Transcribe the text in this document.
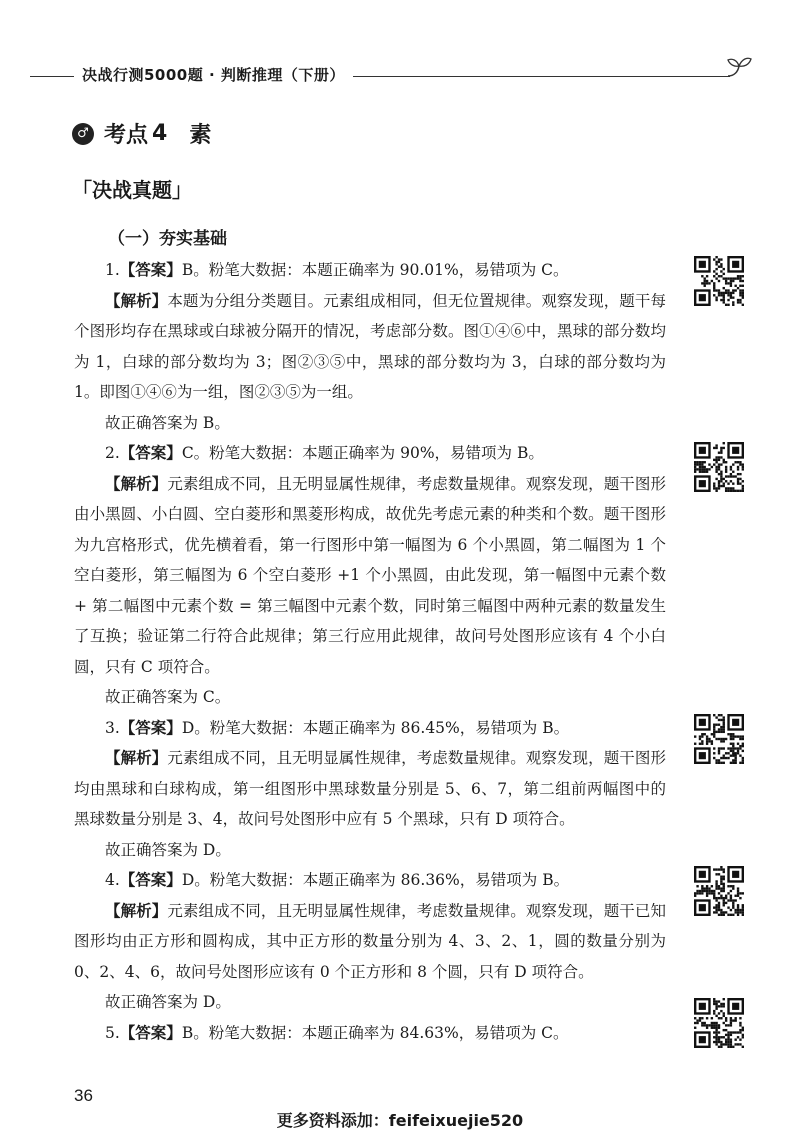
决战行测5000题 · 判断推理（下册）
♂ 考点 4 素
「决战真题」
（一）夯实基础

1.【答案】B。粉笔大数据：本题正确率为 90.01%，易错项为 C。

【解析】本题为分组分类题目。元素组成相同，但无位置规律。观察发现，题干每个图形均存在黑球或白球被分隔开的情况，考虑部分数。图①④⑥中，黑球的部分数均为 1，白球的部分数均为 3；图②③⑤中，黑球的部分数均为 3，白球的部分数均为 1。即图①④⑥为一组，图②③⑤为一组。

故正确答案为 B。

2.【答案】C。粉笔大数据：本题正确率为 90%，易错项为 B。

【解析】元素组成不同，且无明显属性规律，考虑数量规律。观察发现，题干图形由小黑圆、小白圆、空白菱形和黑菱形构成，故优先考虑元素的种类和个数。题干图形为九宫格形式，优先横着看，第一行图形中第一幅图为 6 个小黑圆，第二幅图为 1 个空白菱形，第三幅图为 6 个空白菱形 +1 个小黑圆，由此发现，第一幅图中元素个数 + 第二幅图中元素个数 = 第三幅图中元素个数，同时第三幅图中两种元素的数量发生了互换；验证第二行符合此规律；第三行应用此规律，故问号处图形应该有 4 个小白圆，只有 C 项符合。

故正确答案为 C。

3.【答案】D。粉笔大数据：本题正确率为 86.45%，易错项为 B。

【解析】元素组成不同，且无明显属性规律，考虑数量规律。观察发现，题干图形均由黑球和白球构成，第一组图形中黑球数量分别是 5、6、7，第二组前两幅图中的黑球数量分别是 3、4，故问号处图形中应有 5 个黑球，只有 D 项符合。

故正确答案为 D。

4.【答案】D。粉笔大数据：本题正确率为 86.36%，易错项为 B。

【解析】元素组成不同，且无明显属性规律，考虑数量规律。观察发现，题干已知图形均由正方形和圆构成，其中正方形的数量分别为 4、3、2、1，圆的数量分别为 0、2、4、6，故问号处图形应该有 0 个正方形和 8 个圆，只有 D 项符合。

故正确答案为 D。

5.【答案】B。粉笔大数据：本题正确率为 84.63%，易错项为 C。

36
更多资料添加：feifeixuejie520
